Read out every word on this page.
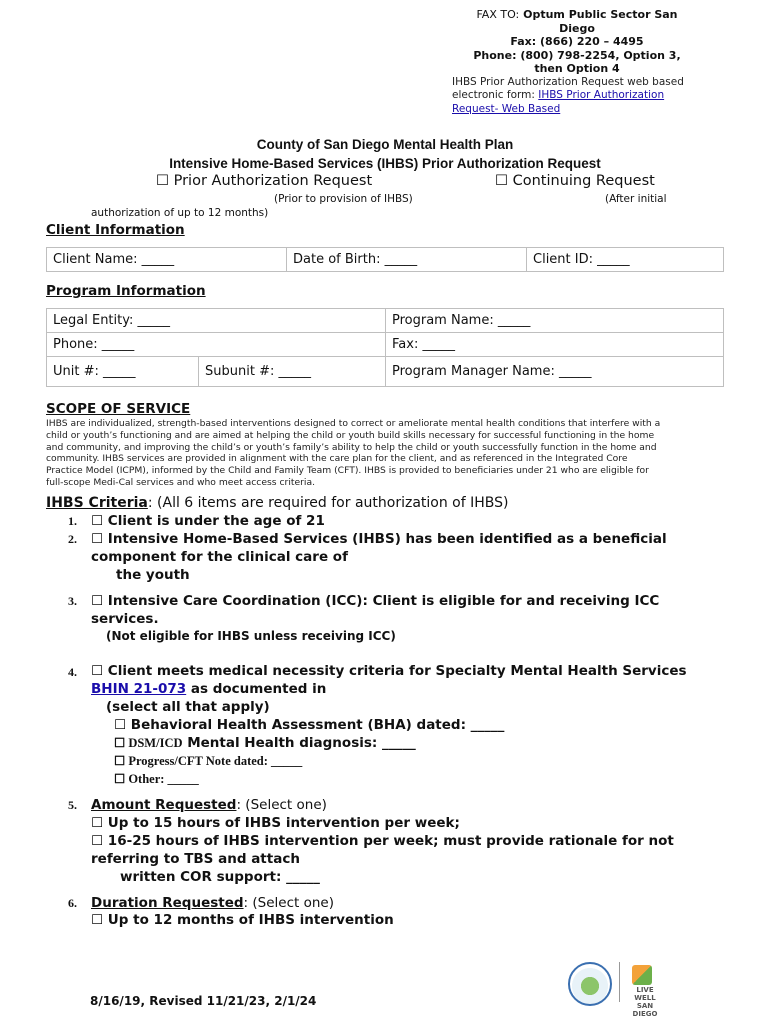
FAX TO: Optum Public Sector San
Diego
Fax: (866) 220 – 4495
Phone: (800) 798-2254, Option 3,
then Option 4
IHBS Prior Authorization Request web based electronic form: IHBS Prior Authorization Request- Web Based
County of San Diego Mental Health Plan
Intensive Home-Based Services (IHBS) Prior Authorization Request
☐ Prior Authorization Request	☐ Continuing Request
(Prior to provision of IHBS)	(After initial
authorization of up to 12 months)
Client Information
Client Name: _____	Date of Birth: _____	Client ID: _____
Program Information
Legal Entity: _____		Program Name: _____
Phone: _____		Fax: _____
Unit #: _____	Subunit #: _____	Program Manager Name: _____
SCOPE OF SERVICE
IHBS are individualized, strength-based interventions designed to correct or ameliorate mental health conditions that interfere with a
child or youth’s functioning and are aimed at helping the child or youth build skills necessary for successful functioning in the home
and community, and improving the child’s or youth’s family’s ability to help the child or youth successfully function in the home and
community. IHBS services are provided in alignment with the care plan for the client, and as referenced in the Integrated Core
Practice Model (ICPM), informed by the Child and Family Team (CFT). IHBS is provided to beneficiaries under 21 who are eligible for
full-scope Medi-Cal services and who meet access criteria.
IHBS Criteria: (All 6 items are required for authorization of IHBS)
1. ☐ Client is under the age of 21
2. ☐ Intensive Home-Based Services (IHBS) has been identified as a beneficial
component for the clinical care of
the youth
3. ☐ Intensive Care Coordination (ICC): Client is eligible for and receiving ICC
services.
(Not eligible for IHBS unless receiving ICC)
4. ☐ Client meets medical necessity criteria for Specialty Mental Health Services
BHIN 21-073 as documented in
(select all that apply)
☐ Behavioral Health Assessment (BHA) dated: _____
☐ DSM/ICD Mental Health diagnosis: _____
☐ Progress/CFT Note dated: _____
☐ Other: _____
5. Amount Requested: (Select one)
☐ Up to 15 hours of IHBS intervention per week;
☐ 16-25 hours of IHBS intervention per week; must provide rationale for not
referring to TBS and attach
written COR support: _____
6. Duration Requested: (Select one)
☐ Up to 12 months of IHBS intervention
LIVE WELL
SAN DIEGO
8/16/19, Revised 11/21/23, 2/1/24
